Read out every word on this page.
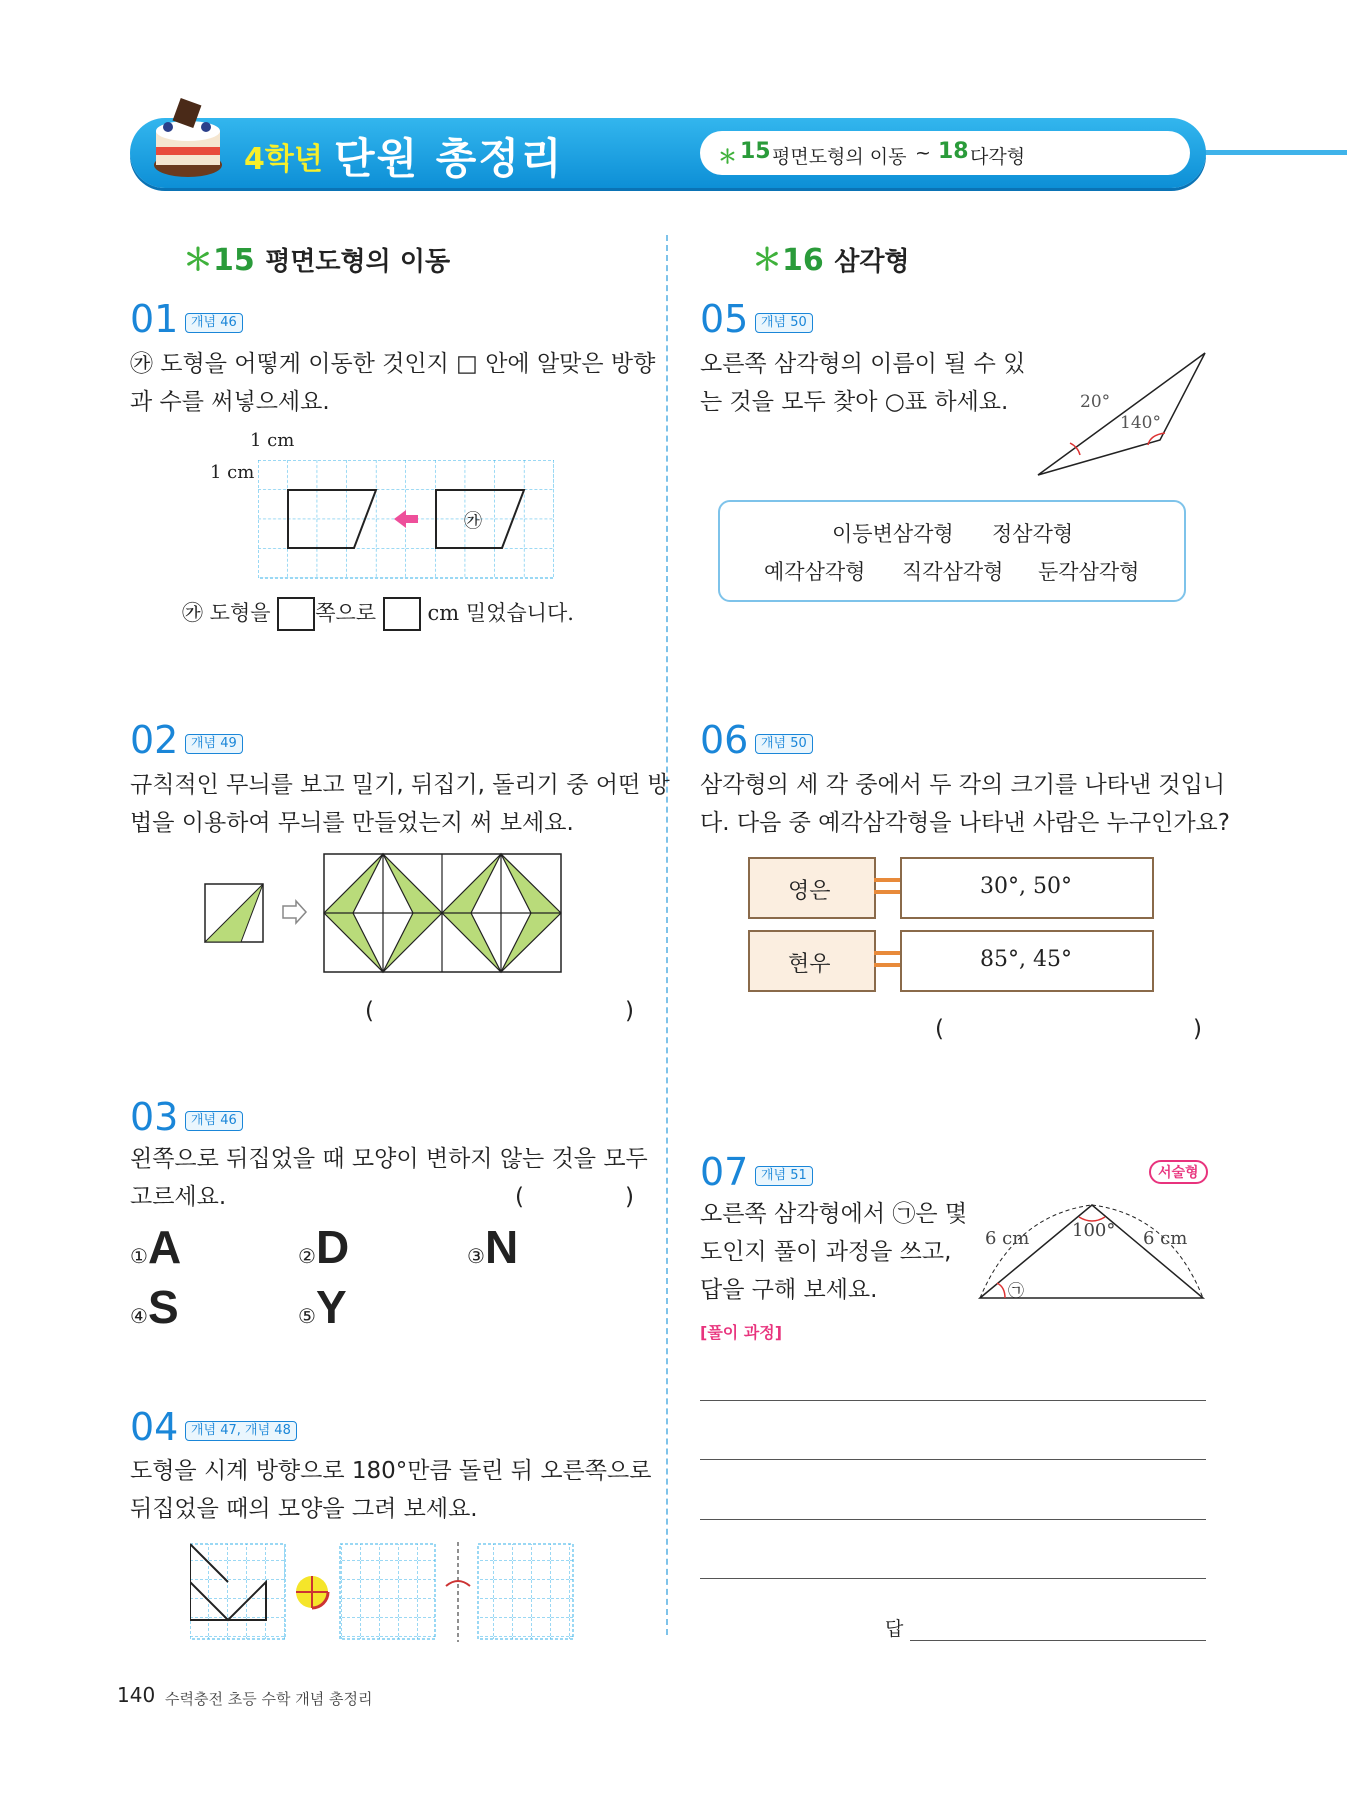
4학년 단원 총정리	＊ 15 평면도형의 이동 ~ 18 다각형
＊15 평면도형의 이동	＊16 삼각형
01 개념 46
㉮ 도형을 어떻게 이동한 것인지 □ 안에 알맞은 방향
과 수를 써넣으세요.
1 cm
1 cm
㉮
㉮ 도형을 쪽으로 cm 밀었습니다.
02 개념 49
규칙적인 무늬를 보고 밀기, 뒤집기, 돌리기 중 어떤 방
법을 이용하여 무늬를 만들었는지 써 보세요.
(	)
03 개념 46
왼쪽으로 뒤집었을 때 모양이 변하지 않는 것을 모두
고르세요.	(	)
①A	②D	③N
④S	⑤Y
04 개념 47, 개념 48
도형을 시계 방향으로 180°만큼 돌린 뒤 오른쪽으로
뒤집었을 때의 모양을 그려 보세요.
05 개념 50
오른쪽 삼각형의 이름이 될 수 있
는 것을 모두 찾아 ○표 하세요.	20°
140°
이등변삼각형 정삼각형
예각삼각형 직각삼각형 둔각삼각형
06 개념 50
삼각형의 세 각 중에서 두 각의 크기를 나타낸 것입니
다. 다음 중 예각삼각형을 나타낸 사람은 누구인가요?
영은	30°, 50°
현우	85°, 45°
(	)
07 개념 51	서술형
오른쪽 삼각형에서 ㉠은 몇
도인지 풀이 과정을 쓰고,
답을 구해 보세요.
6 cm	6 cm
100°
㉠
[풀이 과정]
답
140 수력충전 초등 수학 개념 총정리
